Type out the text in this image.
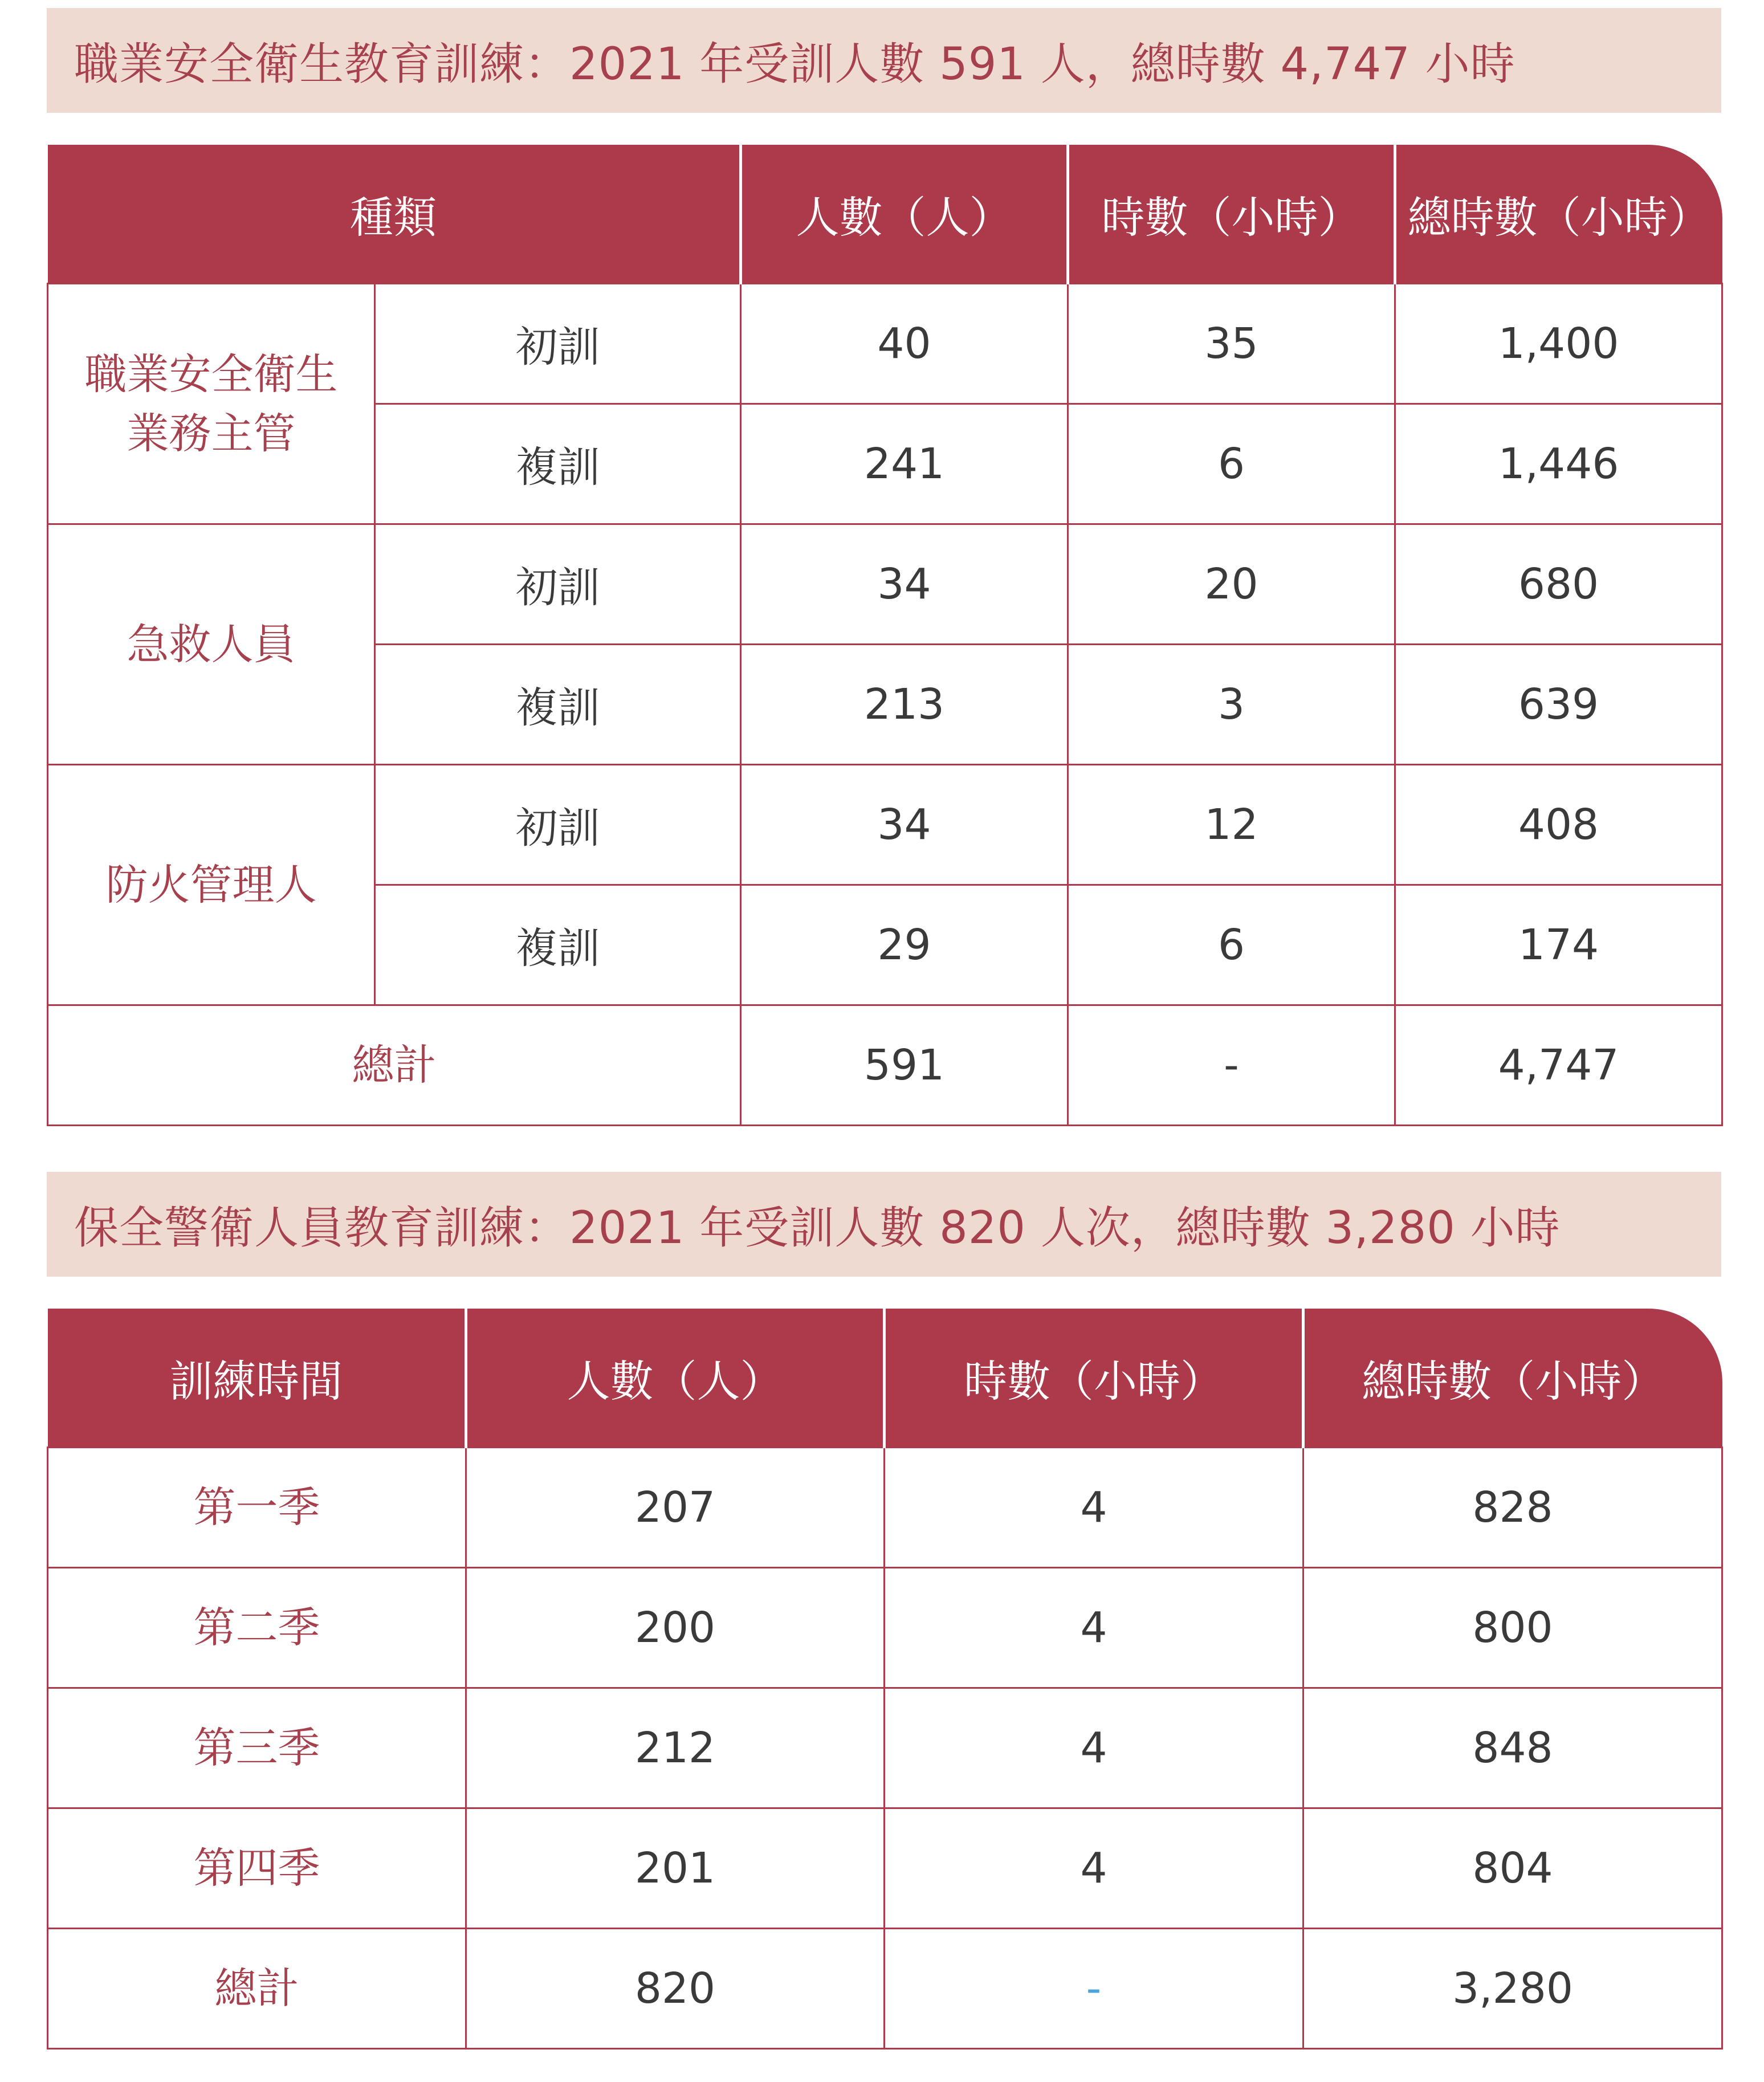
職業安全衛生教育訓練：2021 年受訓人數 591 人，總時數 4,747 小時
種類		人數（人）	時數（小時）	總時數（小時）
職業安全衛生業務主管	初訓	40	35	1,400
	複訓	241	6	1,446
急救人員	初訓	34	20	680
	複訓	213	3	639
防火管理人	初訓	34	12	408
	複訓	29	6	174
總計		591	-	4,747
保全警衛人員教育訓練：2021 年受訓人數 820 人次，總時數 3,280 小時
訓練時間	人數（人）	時數（小時）	總時數（小時）
第一季	207	4	828
第二季	200	4	800
第三季	212	4	848
第四季	201	4	804
總計	820	-	3,280
